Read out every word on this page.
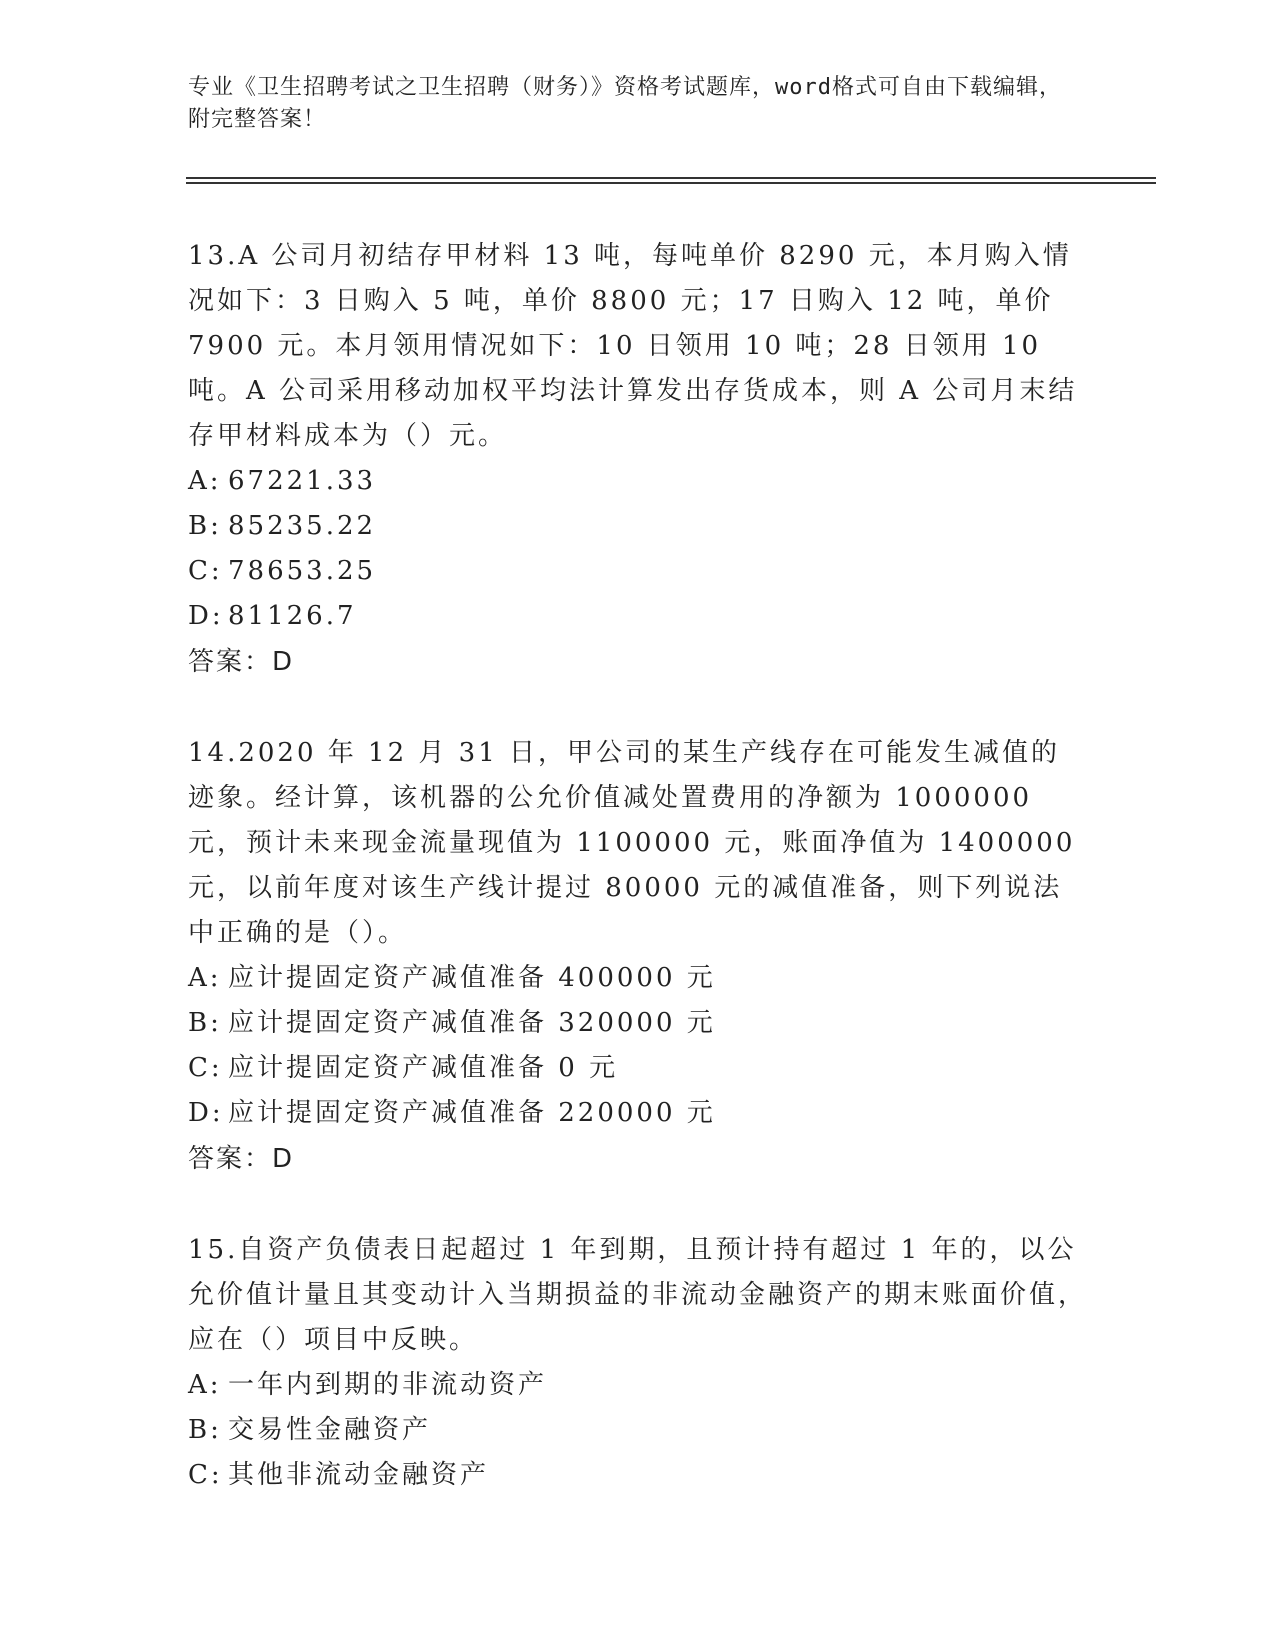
专业《卫生招聘考试之卫生招聘（财务）》资格考试题库，word格式可自由下载编辑，附完整答案！

13.A 公司月初结存甲材料 13 吨，每吨单价 8290 元，本月购入情况如下：3 日购入 5 吨，单价 8800 元；17 日购入 12 吨，单价 7900 元。本月领用情况如下：10 日领用 10 吨；28 日领用 10 吨。A 公司采用移动加权平均法计算发出存货成本，则 A 公司月末结存甲材料成本为（）元。

A: 67221.33

B: 85235.22

C: 78653.25

D: 81126.7

答案：D

14.2020 年 12 月 31 日，甲公司的某生产线存在可能发生减值的迹象。经计算，该机器的公允价值减处置费用的净额为 1000000 元，预计未来现金流量现值为 1100000 元，账面净值为 1400000 元，以前年度对该生产线计提过 80000 元的减值准备，则下列说法中正确的是（）。

A: 应计提固定资产减值准备 400000 元

B: 应计提固定资产减值准备 320000 元

C: 应计提固定资产减值准备 0 元

D: 应计提固定资产减值准备 220000 元

答案：D

15.自资产负债表日起超过 1 年到期，且预计持有超过 1 年的，以公允价值计量且其变动计入当期损益的非流动金融资产的期末账面价值，应在（）项目中反映。

A: 一年内到期的非流动资产

B: 交易性金融资产

C: 其他非流动金融资产
